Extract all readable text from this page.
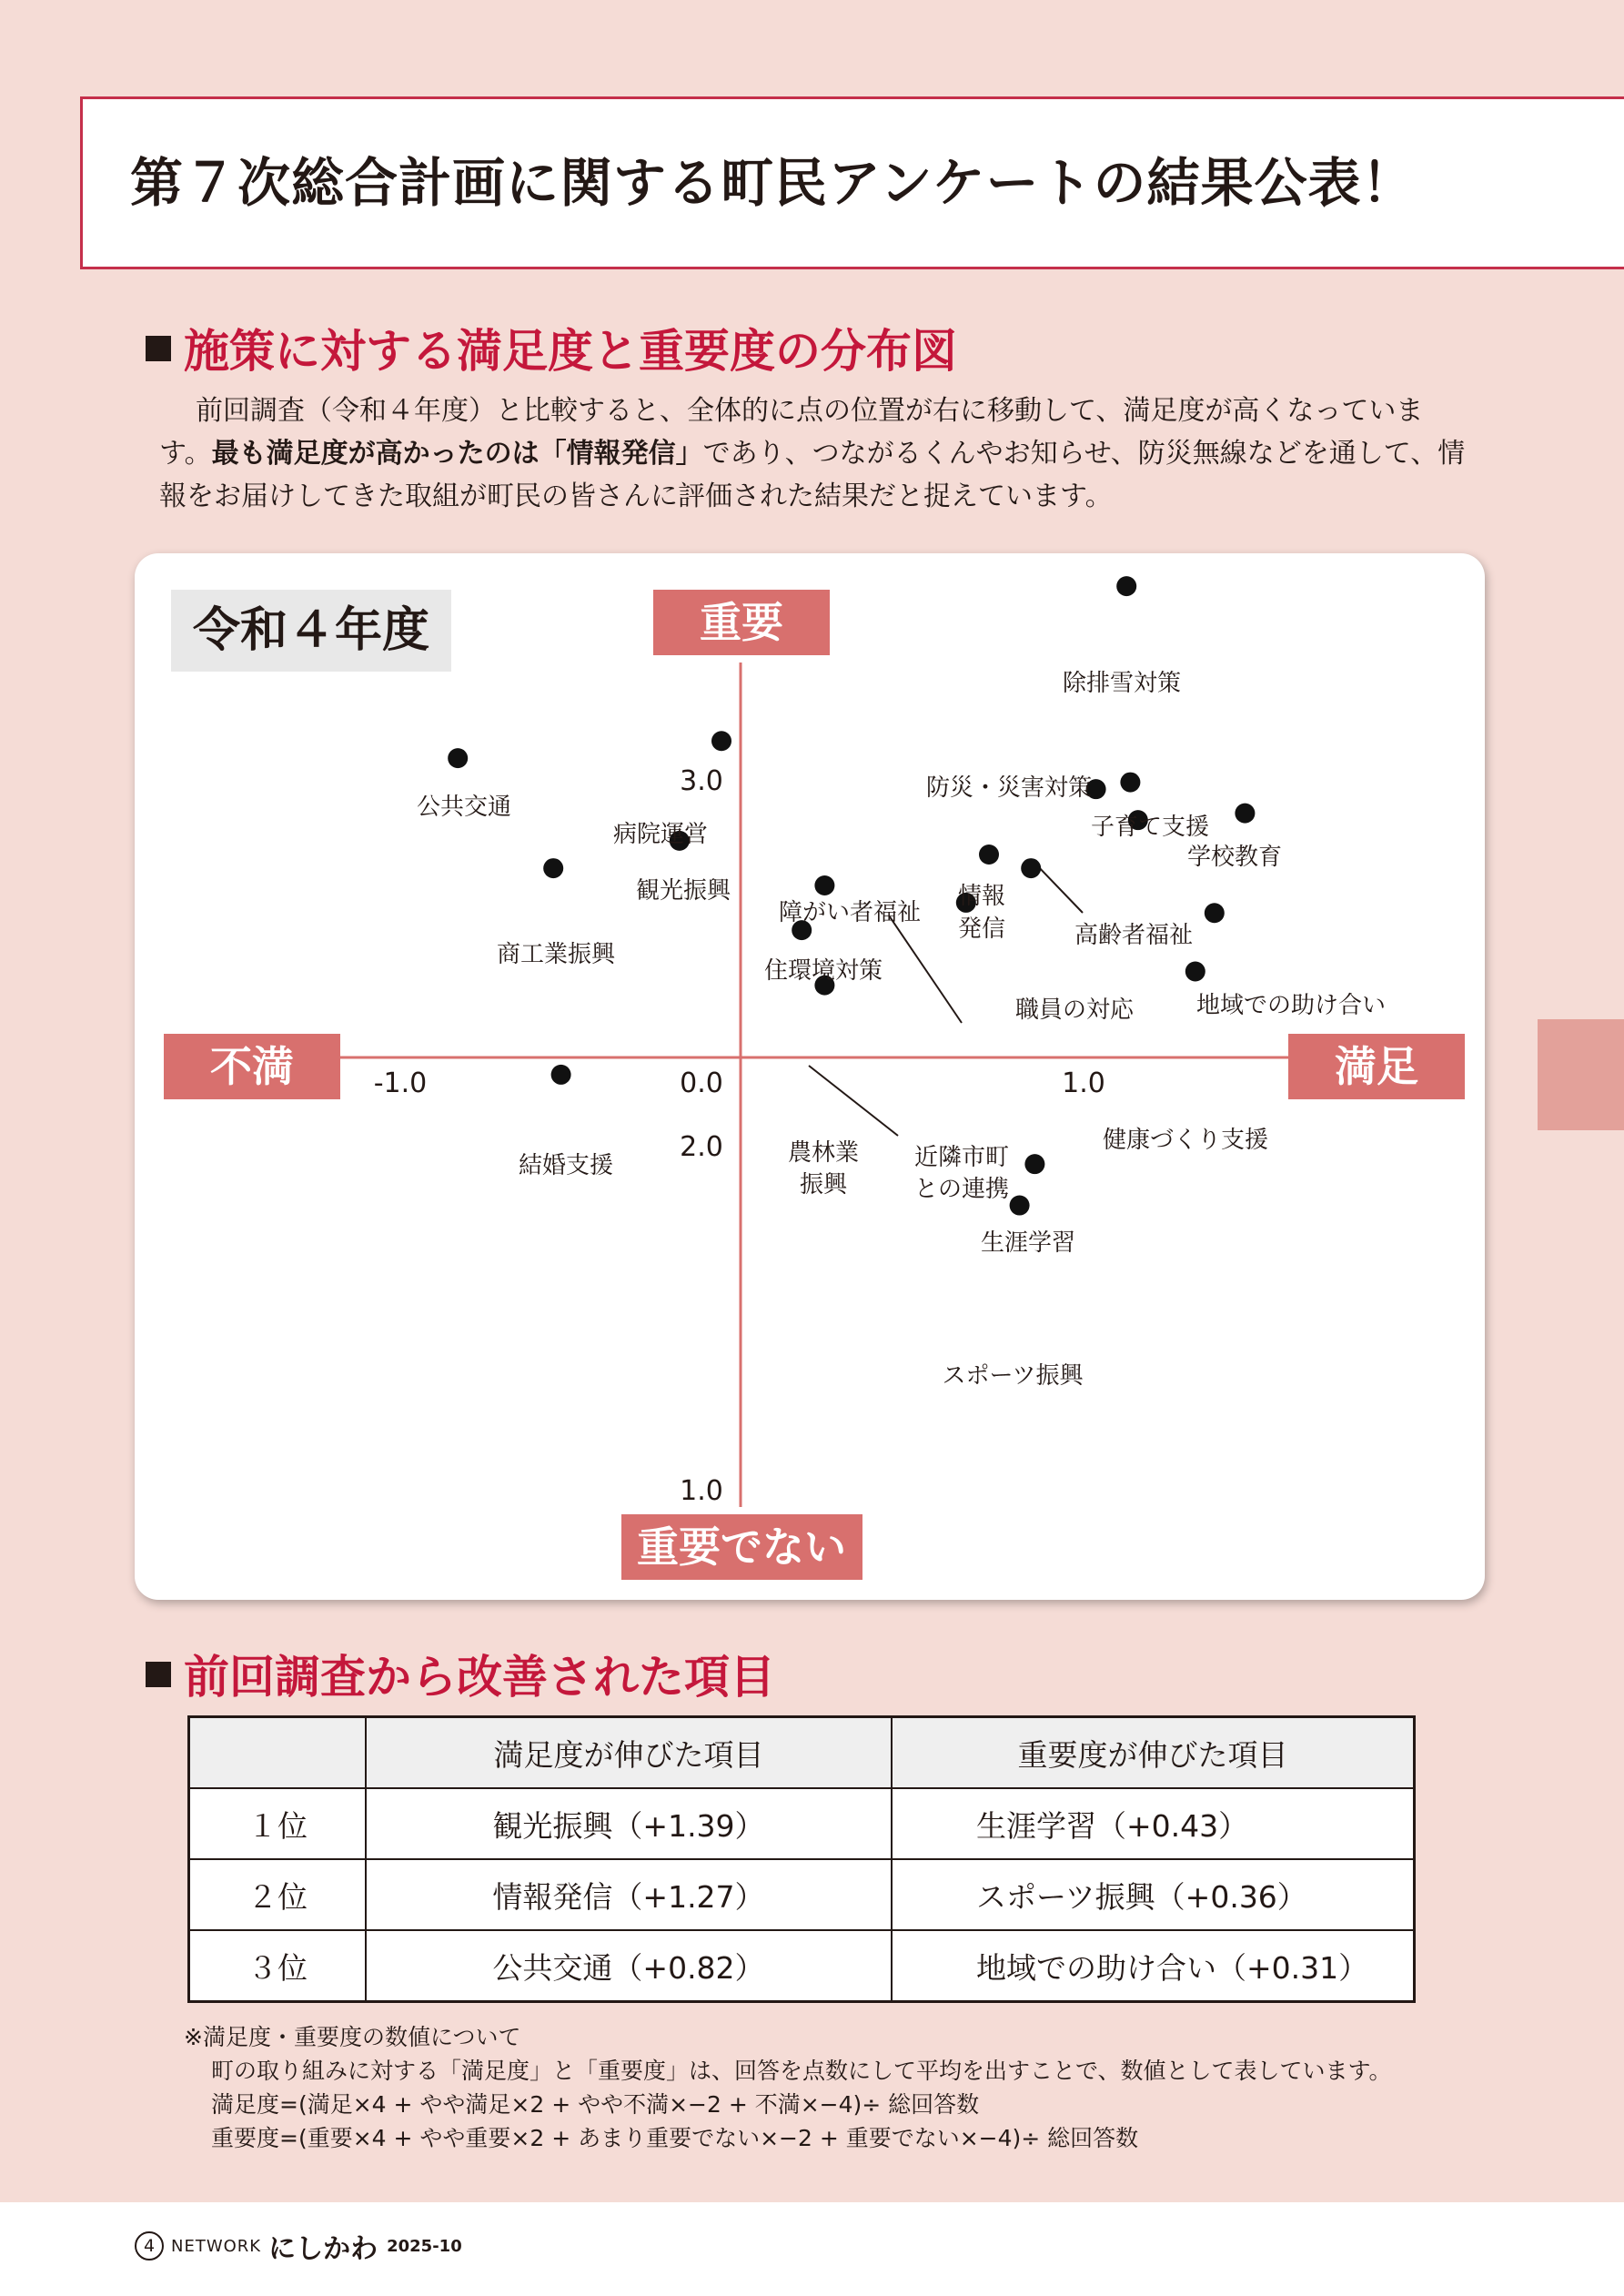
第７次総合計画に関する町民アンケートの結果公表！
施策に対する満足度と重要度の分布図

前回調査（令和４年度）と比較すると、全体的に点の位置が右に移動して、満足度が高くなっています。最も満足度が高かったのは「情報発信」であり、つながるくんやお知らせ、防災無線などを通して、情報をお届けしてきた取組が町民の皆さんに評価された結果だと捉えています。

令和４年度	重要
重要でない
不満	満足
-1.0	0.0	1.0
3.0
2.0
1.0
除排雪対策
公共交通
病院運営
防災・災害対策
子育て支援
学校教育
高齢者福祉
観光振興	情報
発信
職員の対応
商工業振興
住環境対策
障がい者福祉
地域での助け合い
近隣市町
との連携
健康づくり支援
農林業
振興
結婚支援
生涯学習
スポーツ振興
前回調査から改善された項目
	満足度が伸びた項目	重要度が伸びた項目
１位	観光振興（+1.39）	生涯学習（+0.43）
２位	情報発信（+1.27）	スポーツ振興（+0.36）
３位	公共交通（+0.82）	地域での助け合い（+0.31）
※満足度・重要度の数値について
町の取り組みに対する「満足度」と「重要度」は、回答を点数にして平均を出すことで、数値として表しています。
満足度=(満足×4 + やや満足×2 + やや不満×−2 + 不満×−4)÷ 総回答数
重要度=(重要×4 + やや重要×2 + あまり重要でない×−2 + 重要でない×−4)÷ 総回答数
4 NETWORK にしかわ 2025-10
